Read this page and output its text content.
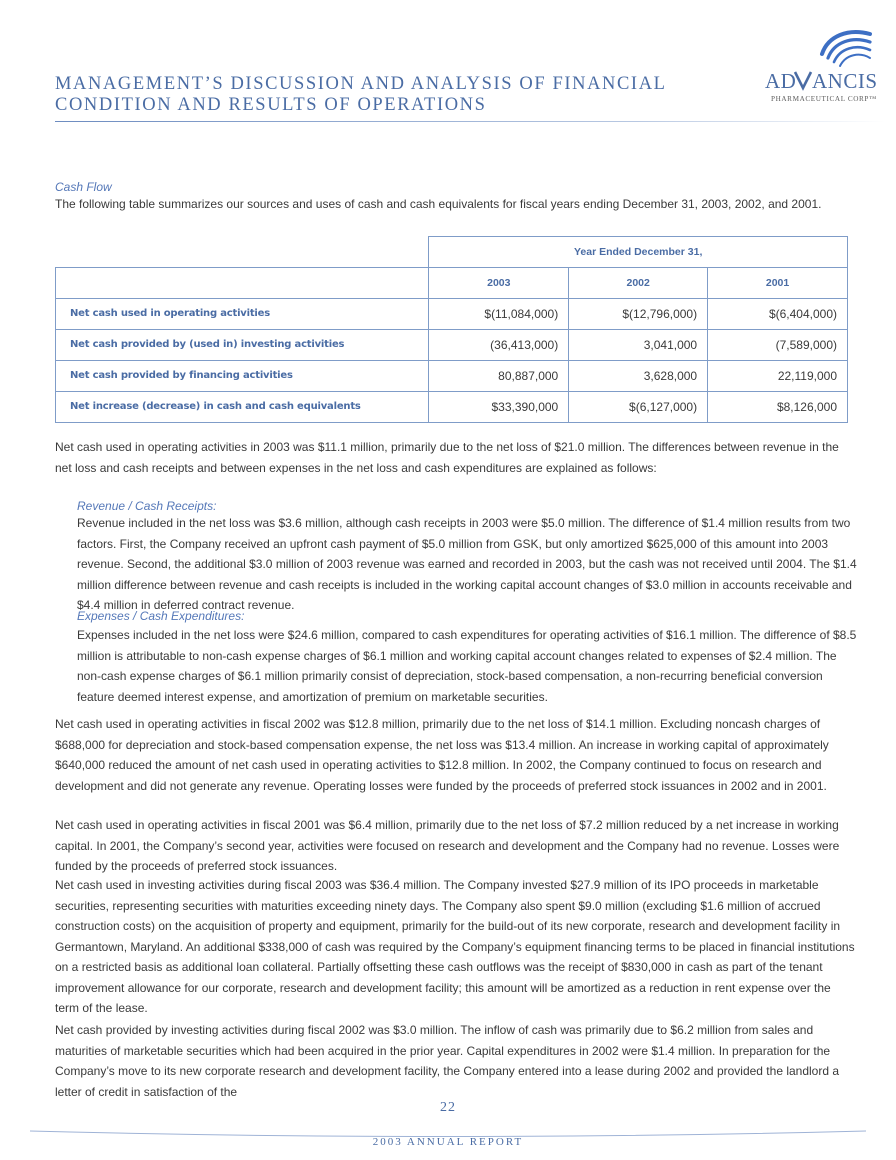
MANAGEMENT’S DISCUSSION AND ANALYSIS OF FINANCIAL
CONDITION AND RESULTS OF OPERATIONS
AD ANCIS
PHARMACEUTICAL CORP™
Cash Flow
The following table summarizes our sources and uses of cash and cash equivalents for fiscal years ending December 31, 2003, 2002, and 2001.
	Year Ended December 31,		
	2003	2002	2001
Net cash used in operating activities	$(11,084,000)	$(12,796,000)	$(6,404,000)
Net cash provided by (used in) investing activities	(36,413,000)	3,041,000	(7,589,000)
Net cash provided by financing activities	80,887,000	3,628,000	22,119,000
Net increase (decrease) in cash and cash equivalents	$33,390,000	$(6,127,000)	$8,126,000
Net cash used in operating activities in 2003 was $11.1 million, primarily due to the net loss of $21.0 million. The differences between revenue in the net loss and cash receipts and between expenses in the net loss and cash expenditures are explained as follows:
Revenue / Cash Receipts:
Revenue included in the net loss was $3.6 million, although cash receipts in 2003 were $5.0 million. The difference of $1.4 million results from two factors. First, the Company received an upfront cash payment of $5.0 million from GSK, but only amortized $625,000 of this amount into 2003 revenue. Second, the additional $3.0 million of 2003 revenue was earned and recorded in 2003, but the cash was not received until 2004. The $1.4 million difference between revenue and cash receipts is included in the working capital account changes of $3.0 million in accounts receivable and $4.4 million in deferred contract revenue.
Expenses / Cash Expenditures:
Expenses included in the net loss were $24.6 million, compared to cash expenditures for operating activities of $16.1 million. The difference of $8.5 million is attributable to non-cash expense charges of $6.1 million and working capital account changes related to expenses of $2.4 million. The non-cash expense charges of $6.1 million primarily consist of depreciation, stock-based compensation, a non-recurring beneficial conversion feature deemed interest expense, and amortization of premium on marketable securities.
Net cash used in operating activities in fiscal 2002 was $12.8 million, primarily due to the net loss of $14.1 million. Excluding noncash charges of $688,000 for depreciation and stock-based compensation expense, the net loss was $13.4 million. An increase in working capital of approximately $640,000 reduced the amount of net cash used in operating activities to $12.8 million. In 2002, the Company continued to focus on research and development and did not generate any revenue. Operating losses were funded by the proceeds of preferred stock issuances in 2002 and in 2001.
Net cash used in operating activities in fiscal 2001 was $6.4 million, primarily due to the net loss of $7.2 million reduced by a net increase in working capital. In 2001, the Company’s second year, activities were focused on research and development and the Company had no revenue. Losses were funded by the proceeds of preferred stock issuances.
Net cash used in investing activities during fiscal 2003 was $36.4 million. The Company invested $27.9 million of its IPO proceeds in marketable securities, representing securities with maturities exceeding ninety days. The Company also spent $9.0 million (excluding $1.6 million of accrued construction costs) on the acquisition of property and equipment, primarily for the build-out of its new corporate, research and development facility in Germantown, Maryland. An additional $338,000 of cash was required by the Company’s equipment financing terms to be placed in financial institutions on a restricted basis as additional loan collateral. Partially offsetting these cash outflows was the receipt of $830,000 in cash as part of the tenant improvement allowance for our corporate, research and development facility; this amount will be amortized as a reduction in rent expense over the term of the lease.
Net cash provided by investing activities during fiscal 2002 was $3.0 million. The inflow of cash was primarily due to $6.2 million from sales and maturities of marketable securities which had been acquired in the prior year. Capital expenditures in 2002 were $1.4 million. In preparation for the Company’s move to its new corporate research and development facility, the Company entered into a lease during 2002 and provided the landlord a letter of credit in satisfaction of the
22
2003 ANNUAL REPORT
